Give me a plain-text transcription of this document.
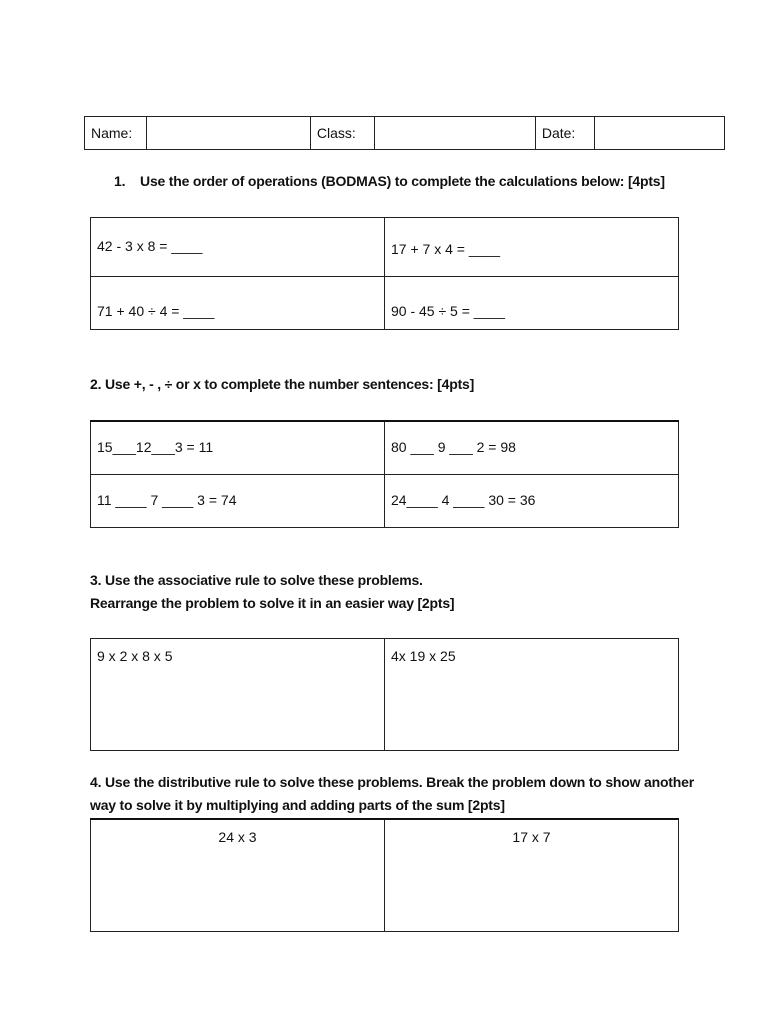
Name:		Class:		Date:	
1.    Use the order of operations (BODMAS) to complete the calculations below: [4pts]
42 - 3 x 8 = ____	17 + 7 x 4 = ____
71 + 40 ÷ 4 = ____	90 - 45 ÷ 5 = ____
2. Use +, - , ÷ or x to complete the number sentences: [4pts]
15___12___3 = 11	80 ___ 9 ___ 2 = 98
11 ____ 7 ____ 3 = 74	24____ 4 ____ 30 = 36
3. Use the associative rule to solve these problems.
Rearrange the problem to solve it in an easier way [2pts]
9 x 2 x 8 x 5	4x 19 x 25
4. Use the distributive rule to solve these problems. Break the problem down to show another
way to solve it by multiplying and adding parts of the sum [2pts]
24 x 3	17 x 7
